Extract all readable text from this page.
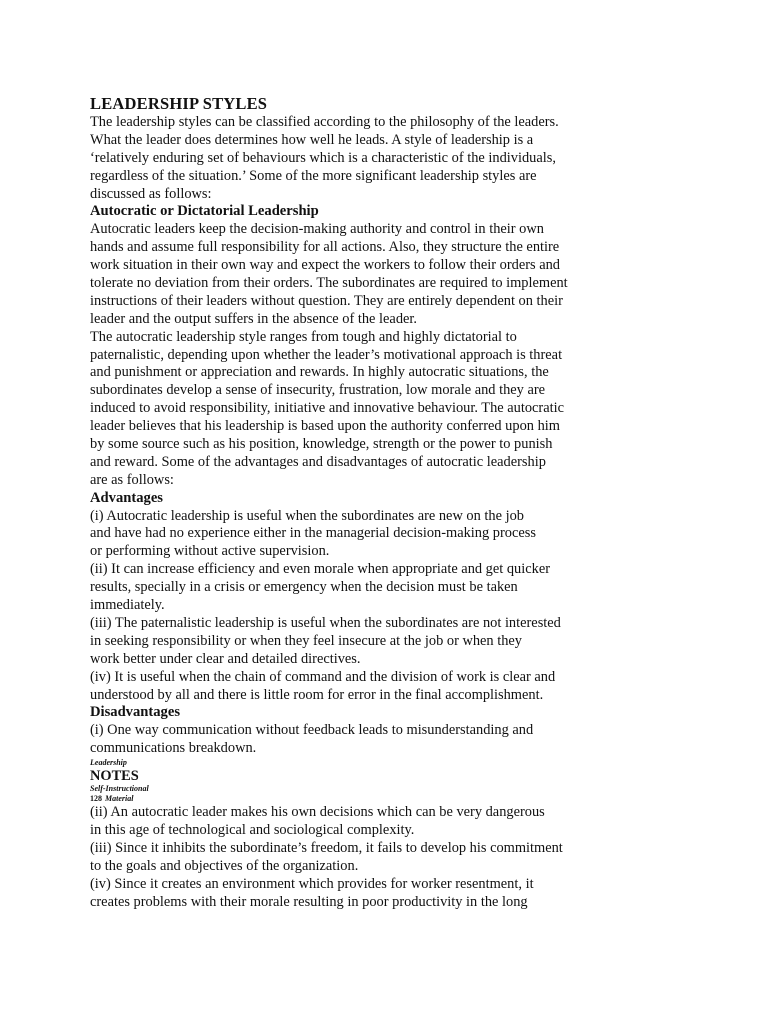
LEADERSHIP STYLES
The leadership styles can be classified according to the philosophy of the leaders.
What the leader does determines how well he leads. A style of leadership is a
‘relatively enduring set of behaviours which is a characteristic of the individuals,
regardless of the situation.’ Some of the more significant leadership styles are
discussed as follows:
Autocratic or Dictatorial Leadership
Autocratic leaders keep the decision-making authority and control in their own
hands and assume full responsibility for all actions. Also, they structure the entire
work situation in their own way and expect the workers to follow their orders and
tolerate no deviation from their orders. The subordinates are required to implement
instructions of their leaders without question. They are entirely dependent on their
leader and the output suffers in the absence of the leader.
The autocratic leadership style ranges from tough and highly dictatorial to
paternalistic, depending upon whether the leader’s motivational approach is threat
and punishment or appreciation and rewards. In highly autocratic situations, the
subordinates develop a sense of insecurity, frustration, low morale and they are
induced to avoid responsibility, initiative and innovative behaviour. The autocratic
leader believes that his leadership is based upon the authority conferred upon him
by some source such as his position, knowledge, strength or the power to punish
and reward. Some of the advantages and disadvantages of autocratic leadership
are as follows:
Advantages
(i) Autocratic leadership is useful when the subordinates are new on the job
and have had no experience either in the managerial decision-making process
or performing without active supervision.
(ii) It can increase efficiency and even morale when appropriate and get quicker
results, specially in a crisis or emergency when the decision must be taken
immediately.
(iii) The paternalistic leadership is useful when the subordinates are not interested
in seeking responsibility or when they feel insecure at the job or when they
work better under clear and detailed directives.
(iv) It is useful when the chain of command and the division of work is clear and
understood by all and there is little room for error in the final accomplishment.
Disadvantages
(i) One way communication without feedback leads to misunderstanding and
communications breakdown.
Leadership
NOTES
Self-Instructional
128 Material
(ii) An autocratic leader makes his own decisions which can be very dangerous
in this age of technological and sociological complexity.
(iii) Since it inhibits the subordinate’s freedom, it fails to develop his commitment
to the goals and objectives of the organization.
(iv) Since it creates an environment which provides for worker resentment, it
creates problems with their morale resulting in poor productivity in the long
